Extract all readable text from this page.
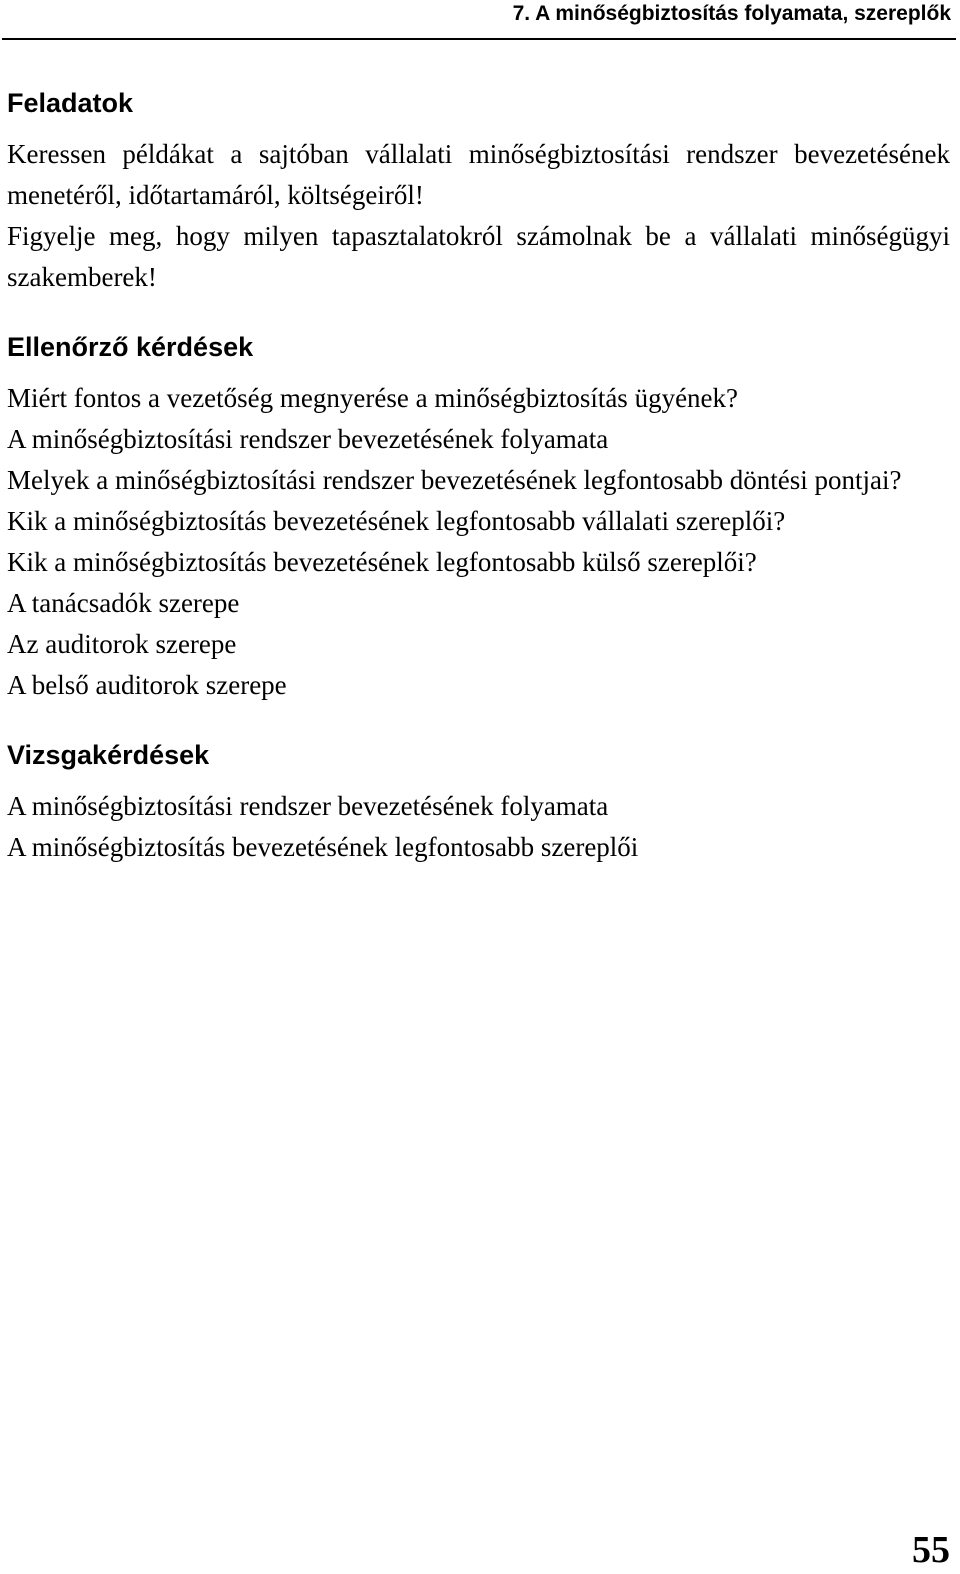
7. A minőségbiztosítás folyamata, szereplők
Feladatok

Keressen példákat a sajtóban vállalati minőségbiztosítási rendszer bevezetésének menetéről, időtartamáról, költségeiről!

Figyelje meg, hogy milyen tapasztalatokról számolnak be a vállalati minőségügyi szakemberek!

Ellenőrző kérdések

Miért fontos a vezetőség megnyerése a minőségbiztosítás ügyének?

A minőségbiztosítási rendszer bevezetésének folyamata

Melyek a minőségbiztosítási rendszer bevezetésének legfontosabb döntési pontjai?

Kik a minőségbiztosítás bevezetésének legfontosabb vállalati szereplői?

Kik a minőségbiztosítás bevezetésének legfontosabb külső szereplői?

A tanácsadók szerepe

Az auditorok szerepe

A belső auditorok szerepe

Vizsgakérdések

A minőségbiztosítási rendszer bevezetésének folyamata

A minőségbiztosítás bevezetésének legfontosabb szereplői

55
